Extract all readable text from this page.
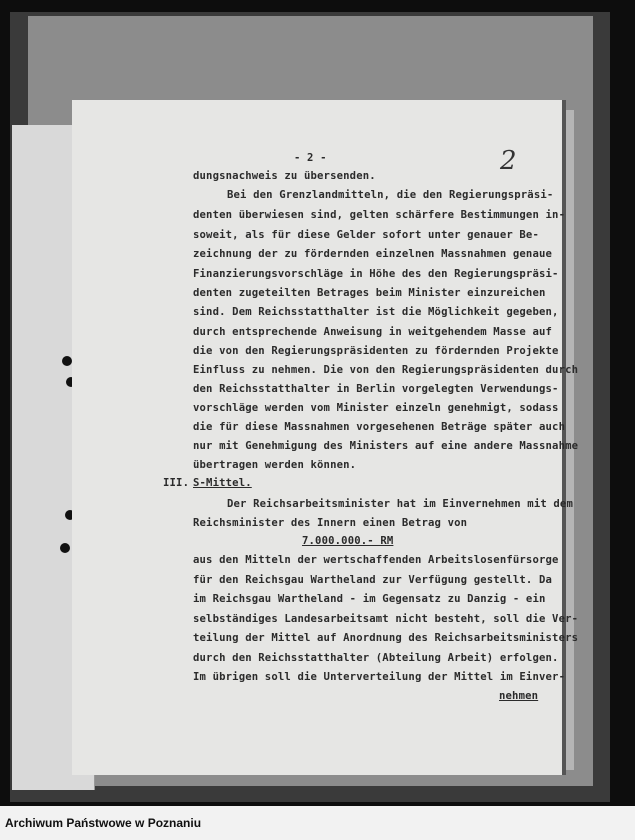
- 2 -	2
dungsnachweis zu übersenden.
Bei den Grenzlandmitteln, die den Regierungspräsi-
denten überwiesen sind, gelten schärfere Bestimmungen in-
soweit, als für diese Gelder sofort unter genauer Be-
zeichnung der zu fördernden einzelnen Massnahmen genaue
Finanzierungsvorschläge in Höhe des den Regierungspräsi-
denten zugeteilten Betrages beim Minister einzureichen
sind. Dem Reichsstatthalter ist die Möglichkeit gegeben,
durch entsprechende Anweisung in weitgehendem Masse auf
die von den Regierungspräsidenten zu fördernden Projekte
Einfluss zu nehmen. Die von den Regierungspräsidenten durch
den Reichsstatthalter in Berlin vorgelegten Verwendungs-
vorschläge werden vom Minister einzeln genehmigt, sodass
die für diese Massnahmen vorgesehenen Beträge später auch
nur mit Genehmigung des Ministers auf eine andere Massnahme
übertragen werden können.
III. S-Mittel.
Der Reichsarbeitsminister hat im Einvernehmen mit dem
Reichsminister des Innern einen Betrag von
7.000.000.- RM
aus den Mitteln der wertschaffenden Arbeitslosenfürsorge
für den Reichsgau Wartheland zur Verfügung gestellt. Da
im Reichsgau Wartheland - im Gegensatz zu Danzig - ein
selbständiges Landesarbeitsamt nicht besteht, soll die Ver-
teilung der Mittel auf Anordnung des Reichsarbeitsministers
durch den Reichsstatthalter (Abteilung Arbeit) erfolgen.
Im übrigen soll die Unterverteilung der Mittel im Einver-
nehmen
Archiwum Państwowe w Poznaniu
